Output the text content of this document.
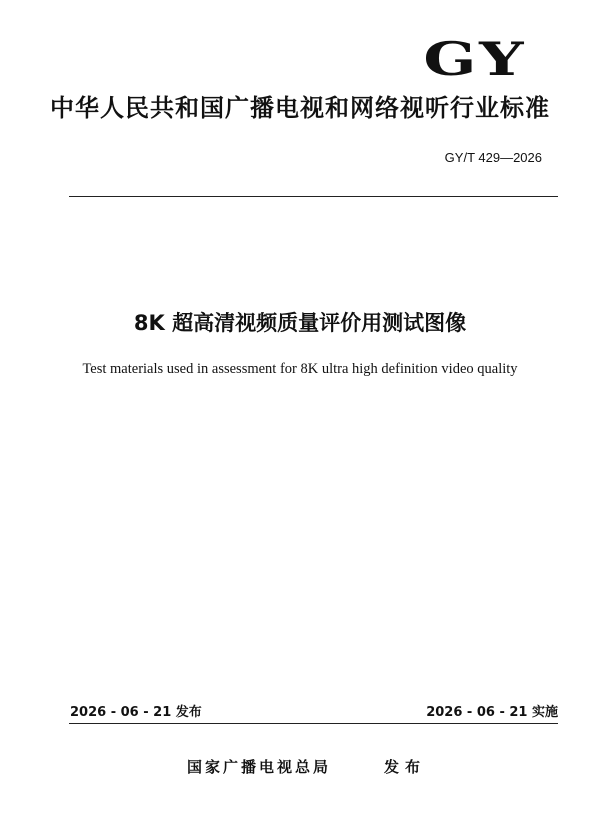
GY
中华人民共和国广播电视和网络视听行业标准
GY/T 429—2026
8K 超高清视频质量评价用测试图像
Test materials used in assessment for 8K ultra high definition video quality
2026 - 06 - 21 发布	2026 - 06 - 21 实施
国家广播电视总局	发布
